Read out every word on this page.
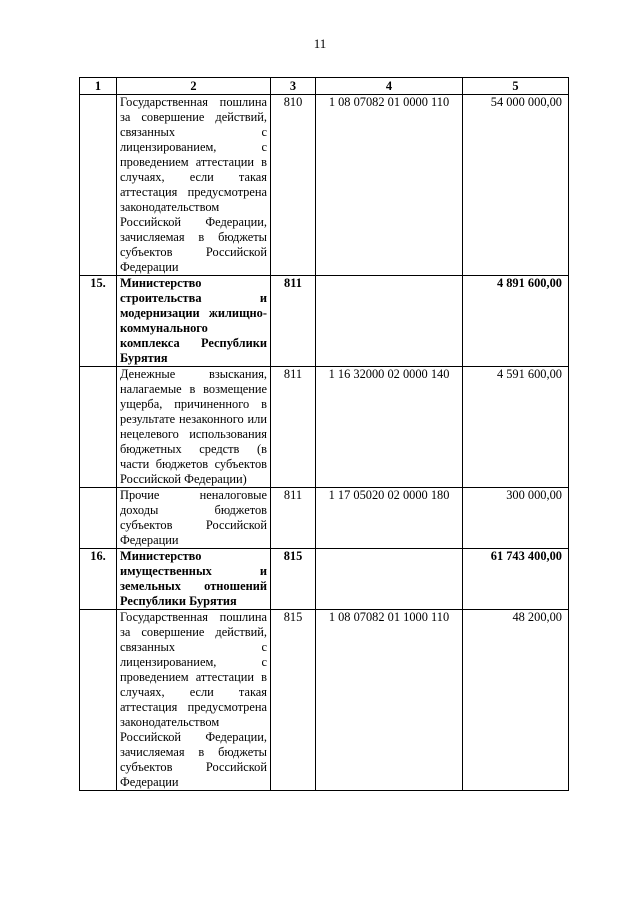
11
1	2	3	4	5
	Государственная пошлина за совершение действий, связанных с лицензированием, с проведением аттестации в случаях, если такая аттестация предусмотрена законодательством Российской Федерации, зачисляемая в бюджеты субъектов Российской Федерации	810	1 08 07082 01 0000 110	54 000 000,00
15.	Министерство строительства и модернизации жилищно-коммунального комплекса Республики Бурятия	811		4 891 600,00
	Денежные взыскания, налагаемые в возмещение ущерба, причиненного в результате незаконного или нецелевого использования бюджетных средств (в части бюджетов субъектов Российской Федерации)	811	1 16 32000 02 0000 140	4 591 600,00
	Прочие неналоговые доходы бюджетов субъектов Российской Федерации	811	1 17 05020 02 0000 180	300 000,00
16.	Министерство имущественных и земельных отношений Республики Бурятия	815		61 743 400,00
	Государственная пошлина за совершение действий, связанных с лицензированием, с проведением аттестации в случаях, если такая аттестация предусмотрена законодательством Российской Федерации, зачисляемая в бюджеты субъектов Российской Федерации	815	1 08 07082 01 1000 110	48 200,00
